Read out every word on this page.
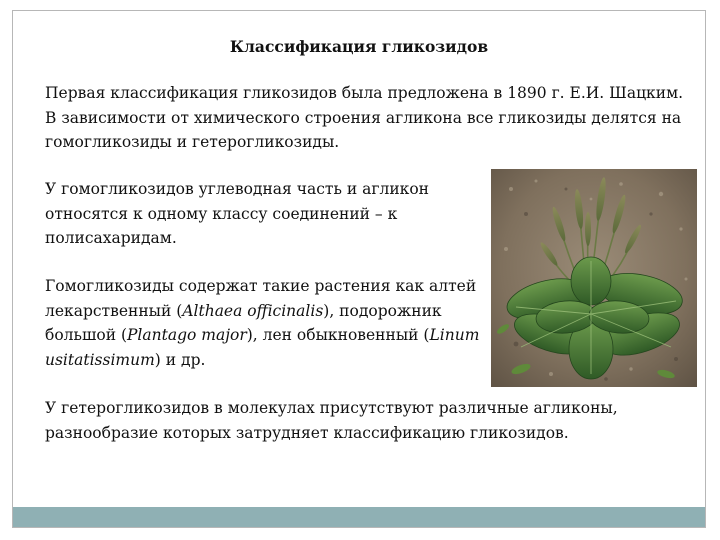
Классификация гликозидов
Первая классификация гликозидов была предложена в 1890 г. Е.И. Шацким. В зависимости от химического строения агликона все гликозиды делятся на гомогликозиды и гетерогликозиды.
У гомогликозидов углеводная часть и агликон относятся к одному классу соединений – к полисахаридам.
Гомогликозиды содержат такие растения как алтей лекарственный (Althaea officinalis), подорожник большой (Plantago major), лен обыкновенный (Linum usitatissimum) и др.
У гетерогликозидов в молекулах присутствуют различные агликоны, разнообразие которых затрудняет классификацию гликозидов.
